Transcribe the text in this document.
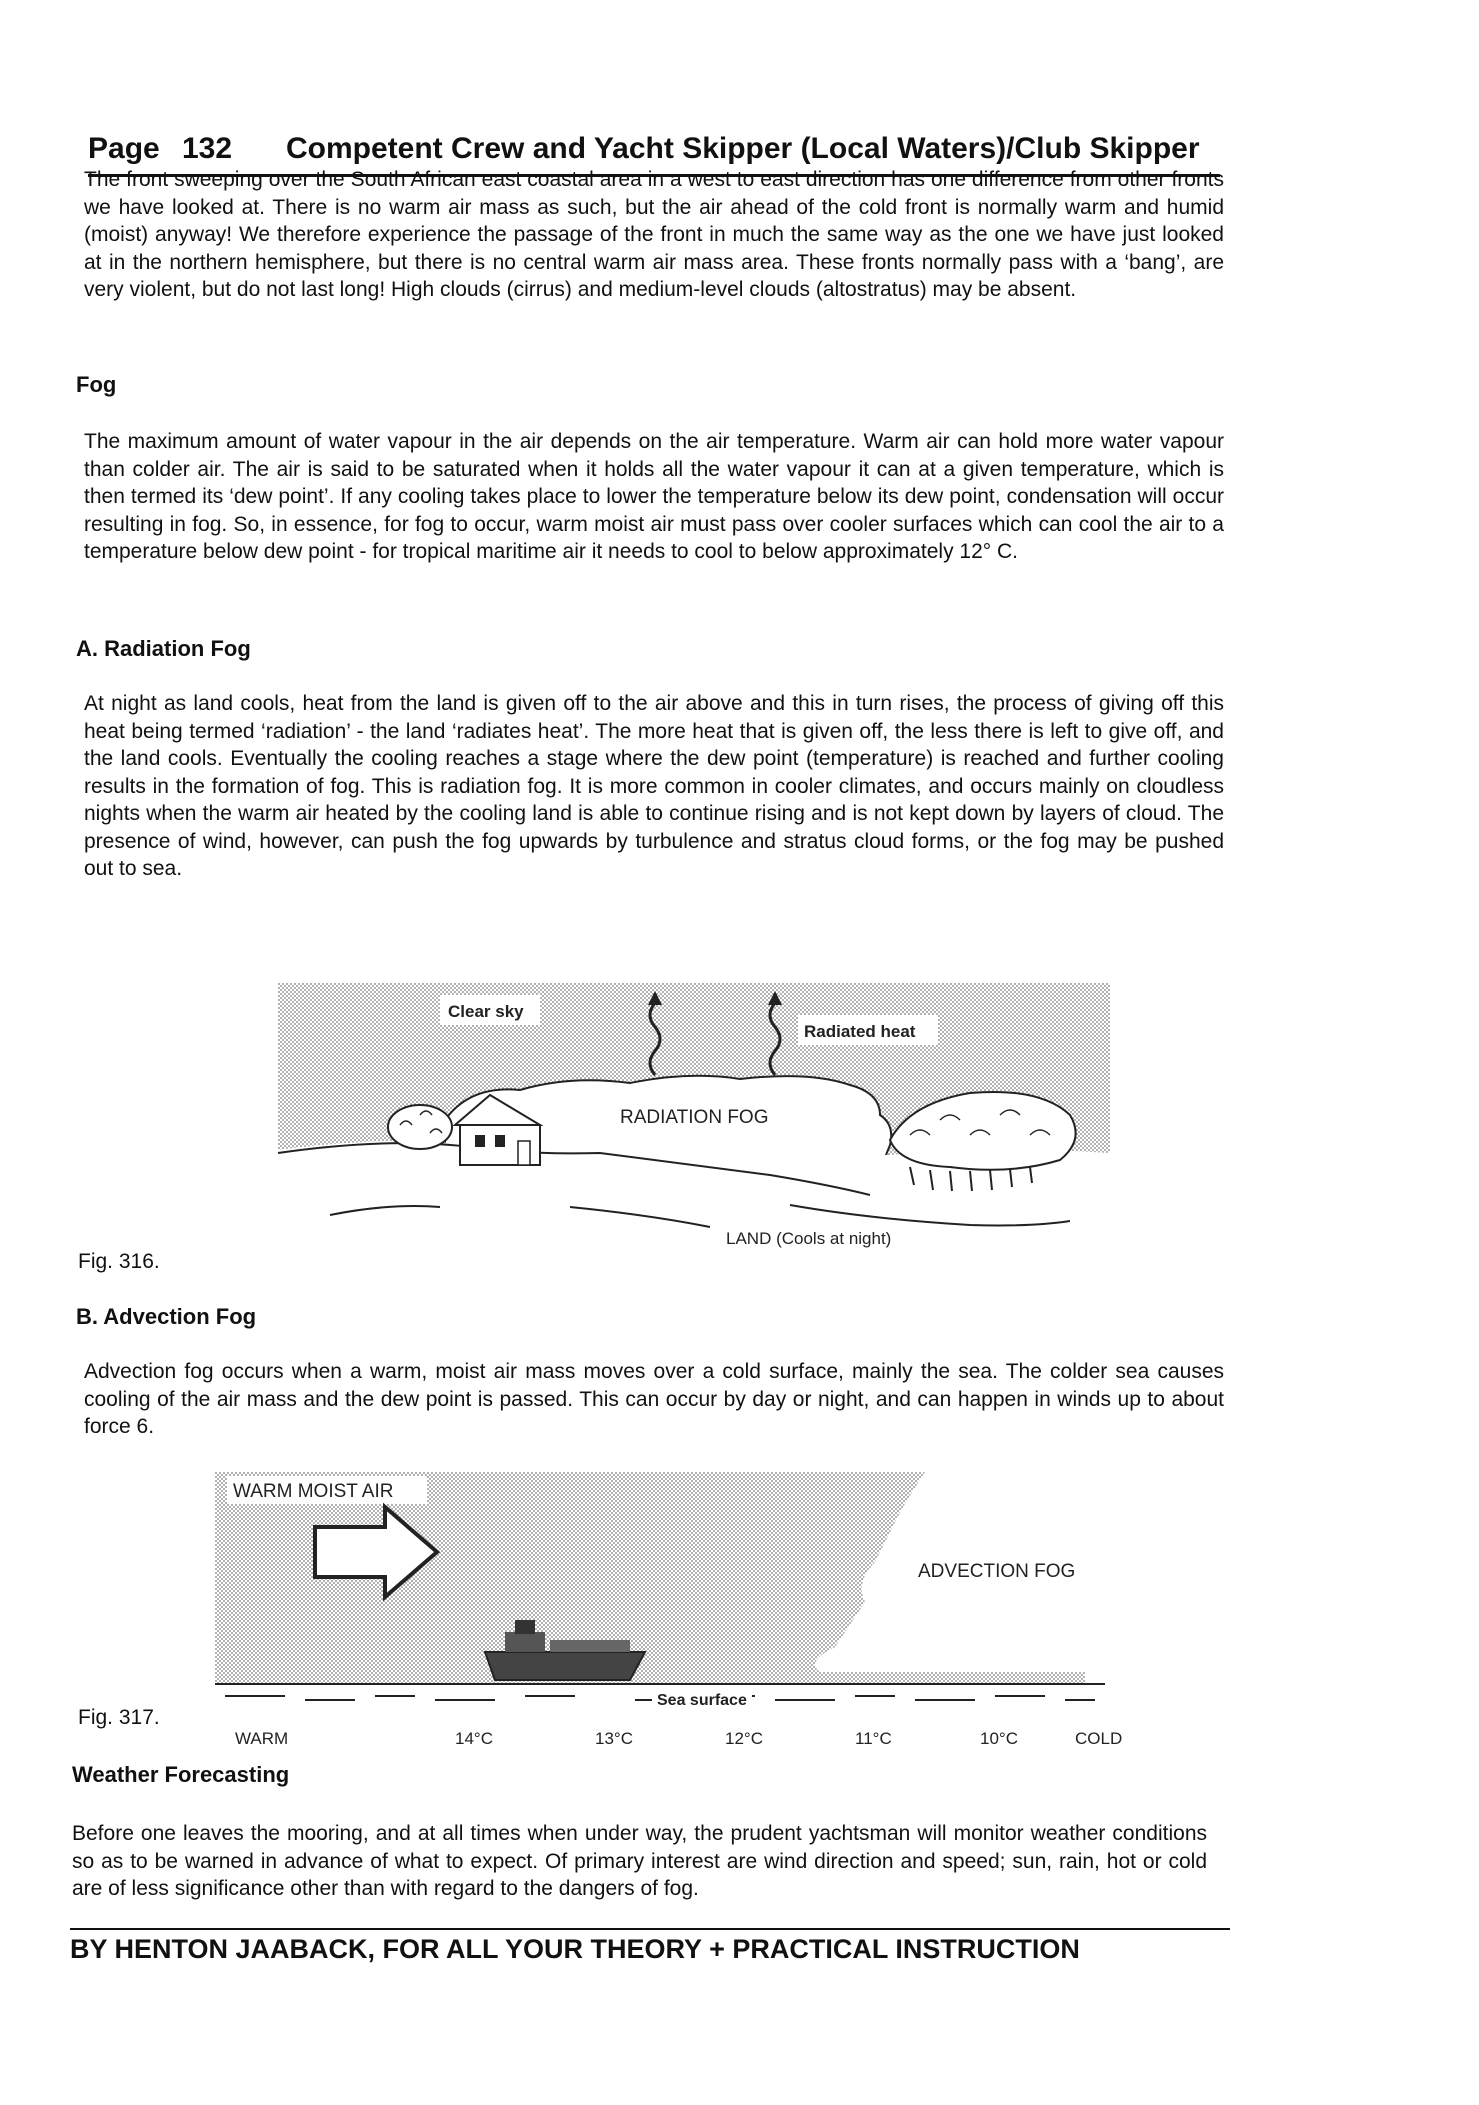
Page 132 Competent Crew and Yacht Skipper (Local Waters)/Club Skipper

The front sweeping over the South African east coastal area in a west to east direction has one difference from other fronts we have looked at. There is no warm air mass as such, but the air ahead of the cold front is normally warm and humid (moist) anyway! We therefore experience the passage of the front in much the same way as the one we have just looked at in the northern hemisphere, but there is no central warm air mass area. These fronts normally pass with a ‘bang’, are very violent, but do not last long! High clouds (cirrus) and medium-level clouds (altostratus) may be absent.

Fog

The maximum amount of water vapour in the air depends on the air temperature. Warm air can hold more water vapour than colder air. The air is said to be saturated when it holds all the water vapour it can at a given temperature, which is then termed its ‘dew point’. If any cooling takes place to lower the temperature below its dew point, condensation will occur resulting in fog. So, in essence, for fog to occur, warm moist air must pass over cooler surfaces which can cool the air to a temperature below dew point - for tropical maritime air it needs to cool to below approximately 12° C.

A. Radiation Fog

At night as land cools, heat from the land is given off to the air above and this in turn rises, the process of giving off this heat being termed ‘radiation’ - the land ‘radiates heat’. The more heat that is given off, the less there is left to give off, and the land cools. Eventually the cooling reaches a stage where the dew point (temperature) is reached and further cooling results in the formation of fog. This is radiation fog. It is more common in cooler climates, and occurs mainly on cloudless nights when the warm air heated by the cooling land is able to continue rising and is not kept down by layers of cloud. The presence of wind, however, can push the fog upwards by turbulence and stratus cloud forms, or the fog may be pushed out to sea.

Clear sky
Radiated heat
RADIATION FOG
LAND (Cools at night)
Fig. 316.
B. Advection Fog

Advection fog occurs when a warm, moist air mass moves over a cold surface, mainly the sea. The colder sea causes cooling of the air mass and the dew point is passed. This can occur by day or night, and can happen in winds up to about force 6.

WARM MOIST AIR
Sea surface
ADVECTION FOG
WARM	14°C	13°C	12°C	11°C	10°C	COLD
Fig. 317.
Weather Forecasting

Before one leaves the mooring, and at all times when under way, the prudent yachtsman will monitor weather conditions so as to be warned in advance of what to expect. Of primary interest are wind direction and speed; sun, rain, hot or cold are of less significance other than with regard to the dangers of fog.

BY HENTON JAABACK, FOR ALL YOUR THEORY + PRACTICAL INSTRUCTION
